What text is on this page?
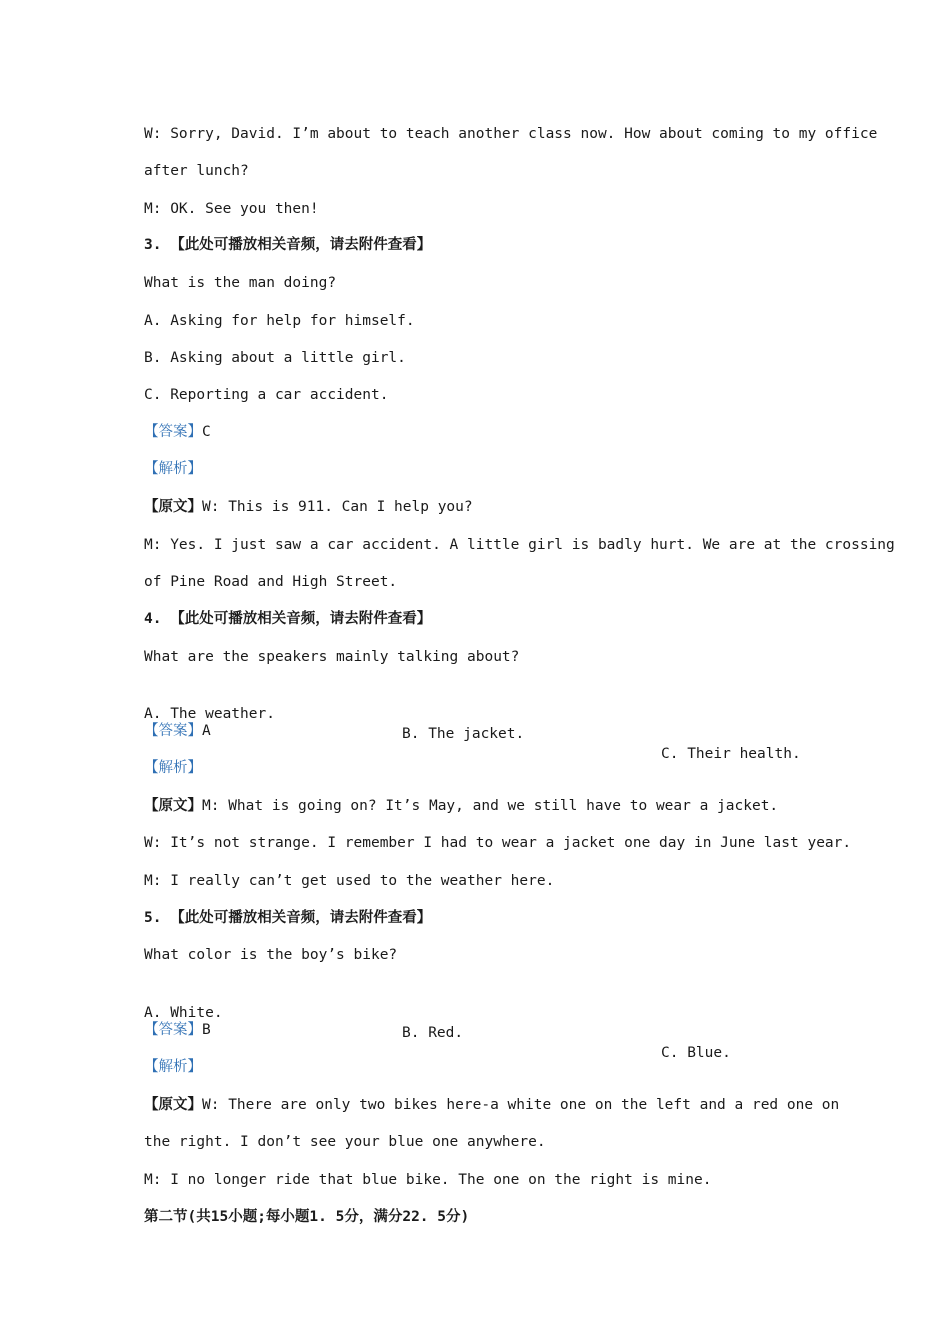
W: Sorry, David. I’m about to teach another class now. How about coming to my office
after lunch?
M: OK. See you then!
3. 【此处可播放相关音频，请去附件查看】
What is the man doing?
A. Asking for help for himself.
B. Asking about a little girl.
C. Reporting a car accident.
【答案】C
【解析】
【原文】W: This is 911. Can I help you?
M: Yes. I just saw a car accident. A little girl is badly hurt. We are at the crossing
of Pine Road and High Street.
4. 【此处可播放相关音频，请去附件查看】
What are the speakers mainly talking about?

A. The weather.

B. The jacket.

C. Their health.

【答案】A
【解析】
【原文】M: What is going on? It’s May, and we still have to wear a jacket.
W: It’s not strange. I remember I had to wear a jacket one day in June last year.
M: I really can’t get used to the weather here.
5. 【此处可播放相关音频，请去附件查看】
What color is the boy’s bike?

A. White.

B. Red.

C. Blue.

【答案】B
【解析】
【原文】W: There are only two bikes here-a white one on the left and a red one on
the right. I don’t see your blue one anywhere.
M: I no longer ride that blue bike. The one on the right is mine.
第二节(共15小题;每小题1. 5分，满分22. 5分)
